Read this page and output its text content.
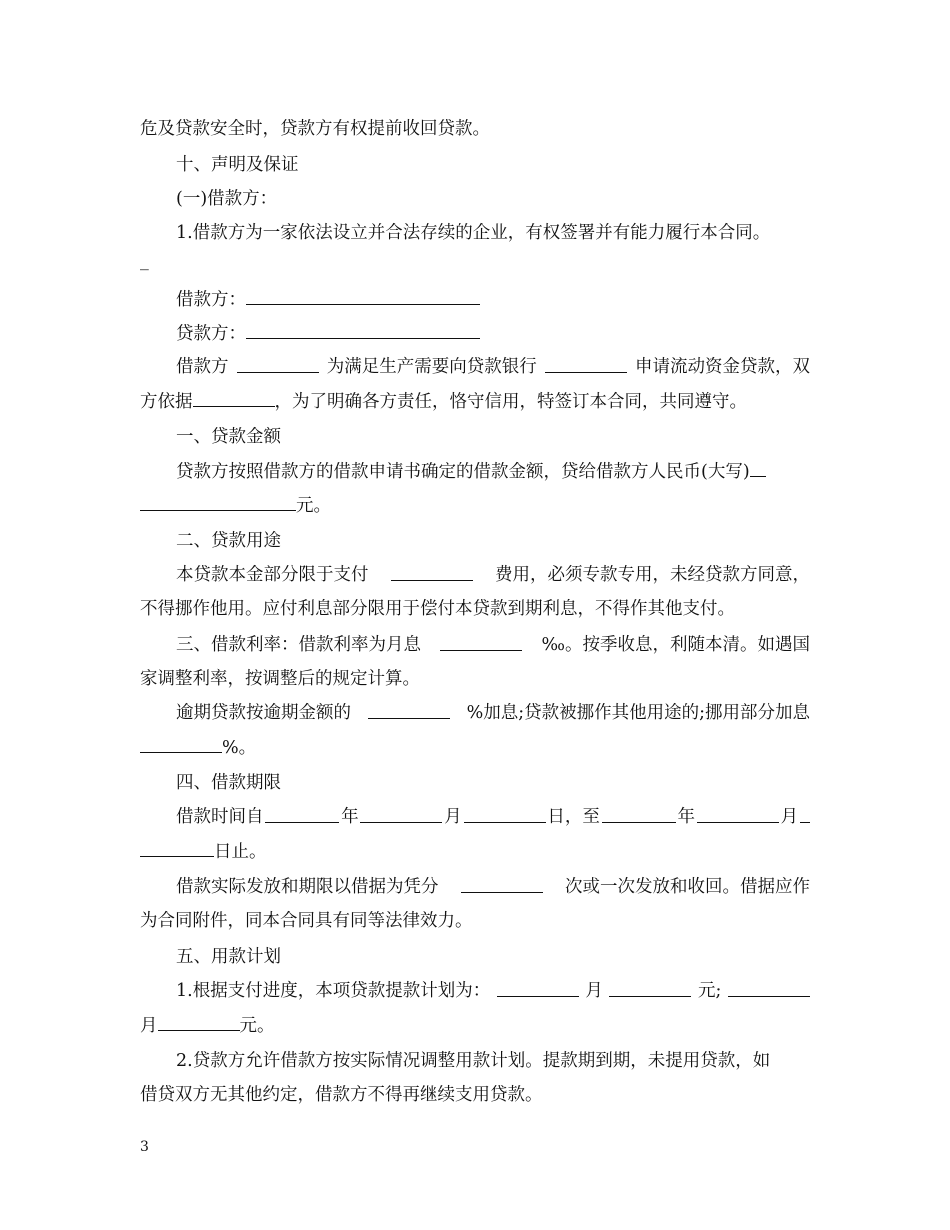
危及贷款安全时，贷款方有权提前收回贷款。
十、声明及保证
(一)借款方：
1.借款方为一家依法设立并合法存续的企业，有权签署并有能力履行本合同。
_
借款方：
贷款方：
借款方	为满足生产需要向贷款银行	申请流动资金贷款，双
方依据	，为了明确各方责任，恪守信用，特签订本合同，共同遵守。
一、贷款金额
贷款方按照借款方的借款申请书确定的借款金额，贷给借款方人民币(大写)
元。
二、贷款用途
本贷款本金部分限于支付	费用，必须专款专用，未经贷款方同意，
不得挪作他用。应付利息部分限用于偿付本贷款到期利息，不得作其他支付。
三、借款利率：借款利率为月息	‰。按季收息，利随本清。如遇国
家调整利率，按调整后的规定计算。
逾期贷款按逾期金额的	%加息;贷款被挪作其他用途的;挪用部分加息
%。
四、借款期限
借款时间自	年	月	日，至	年	月
日止。
借款实际发放和期限以借据为凭分	次或一次发放和收回。借据应作
为合同附件，同本合同具有同等法律效力。
五、用款计划
1.根据支付进度，本项贷款提款计划为：	月	元;
月	元。
2.贷款方允许借款方按实际情况调整用款计划。提款期到期，未提用贷款，如
借贷双方无其他约定，借款方不得再继续支用贷款。
3
